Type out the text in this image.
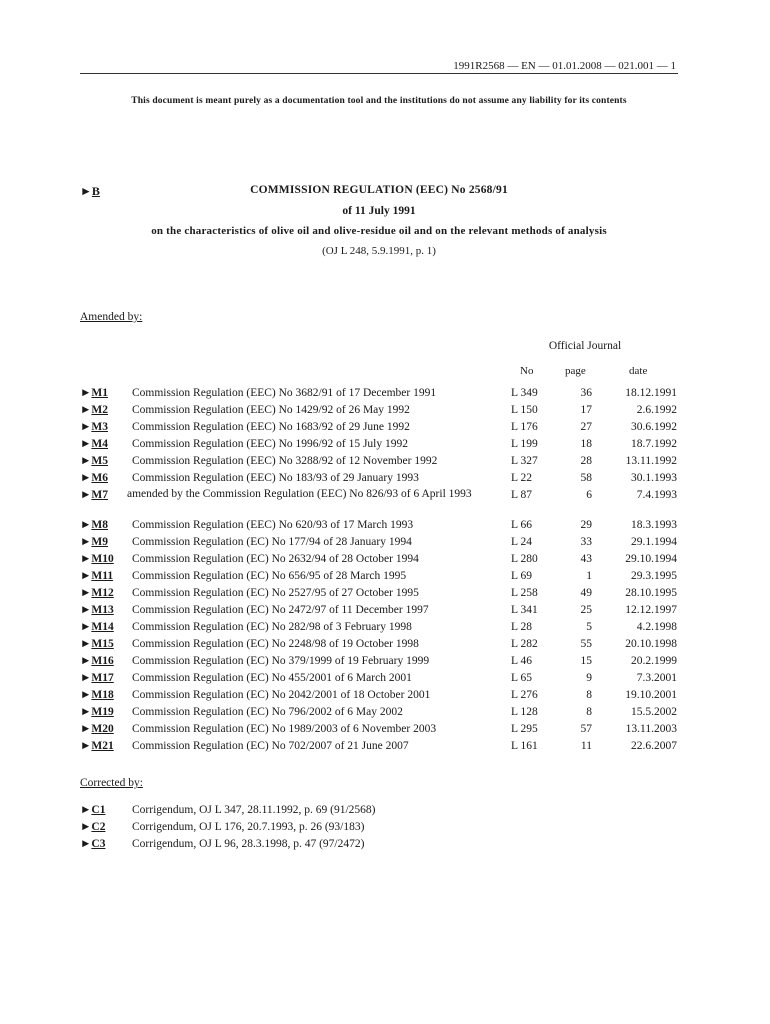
1991R2568 — EN — 01.01.2008 — 021.001 — 1
This document is meant purely as a documentation tool and the institutions do not assume any liability for its contents
►B	COMMISSION REGULATION (EEC) No 2568/91
of 11 July 1991
on the characteristics of olive oil and olive-residue oil and on the relevant methods of analysis
(OJ L 248, 5.9.1991, p. 1)
Amended by:
Official Journal
No	page	date
►M1 Commission Regulation (EEC) No 3682/91 of 17 December 1991	L 349	36	18.12.1991
►M2 Commission Regulation (EEC) No 1429/92 of 26 May 1992	L 150	17	2.6.1992
►M3 Commission Regulation (EEC) No 1683/92 of 29 June 1992	L 176	27	30.6.1992
►M4 Commission Regulation (EEC) No 1996/92 of 15 July 1992	L 199	18	18.7.1992
►M5 Commission Regulation (EEC) No 3288/92 of 12 November 1992	L 327	28	13.11.1992
►M6 Commission Regulation (EEC) No 183/93 of 29 January 1993	L 22	58	30.1.1993
►M7	amended by the Commission Regulation (EEC) No 826/93 of 6 April 1993	L 87	6	7.4.1993
►M8 Commission Regulation (EEC) No 620/93 of 17 March 1993	L 66	29	18.3.1993
►M9 Commission Regulation (EC) No 177/94 of 28 January 1994	L 24	33	29.1.1994
►M10 Commission Regulation (EC) No 2632/94 of 28 October 1994	L 280	43	29.10.1994
►M11 Commission Regulation (EC) No 656/95 of 28 March 1995	L 69	1	29.3.1995
►M12 Commission Regulation (EC) No 2527/95 of 27 October 1995	L 258	49	28.10.1995
►M13 Commission Regulation (EC) No 2472/97 of 11 December 1997	L 341	25	12.12.1997
►M14 Commission Regulation (EC) No 282/98 of 3 February 1998	L 28	5	4.2.1998
►M15 Commission Regulation (EC) No 2248/98 of 19 October 1998	L 282	55	20.10.1998
►M16 Commission Regulation (EC) No 379/1999 of 19 February 1999	L 46	15	20.2.1999
►M17 Commission Regulation (EC) No 455/2001 of 6 March 2001	L 65	9	7.3.2001
►M18 Commission Regulation (EC) No 2042/2001 of 18 October 2001	L 276	8	19.10.2001
►M19 Commission Regulation (EC) No 796/2002 of 6 May 2002	L 128	8	15.5.2002
►M20 Commission Regulation (EC) No 1989/2003 of 6 November 2003	L 295	57	13.11.2003
►M21 Commission Regulation (EC) No 702/2007 of 21 June 2007	L 161	11	22.6.2007
Corrected by:
►C1 Corrigendum, OJ L 347, 28.11.1992, p. 69 (91/2568)
►C2 Corrigendum, OJ L 176, 20.7.1993, p. 26 (93/183)
►C3 Corrigendum, OJ L 96, 28.3.1998, p. 47 (97/2472)
